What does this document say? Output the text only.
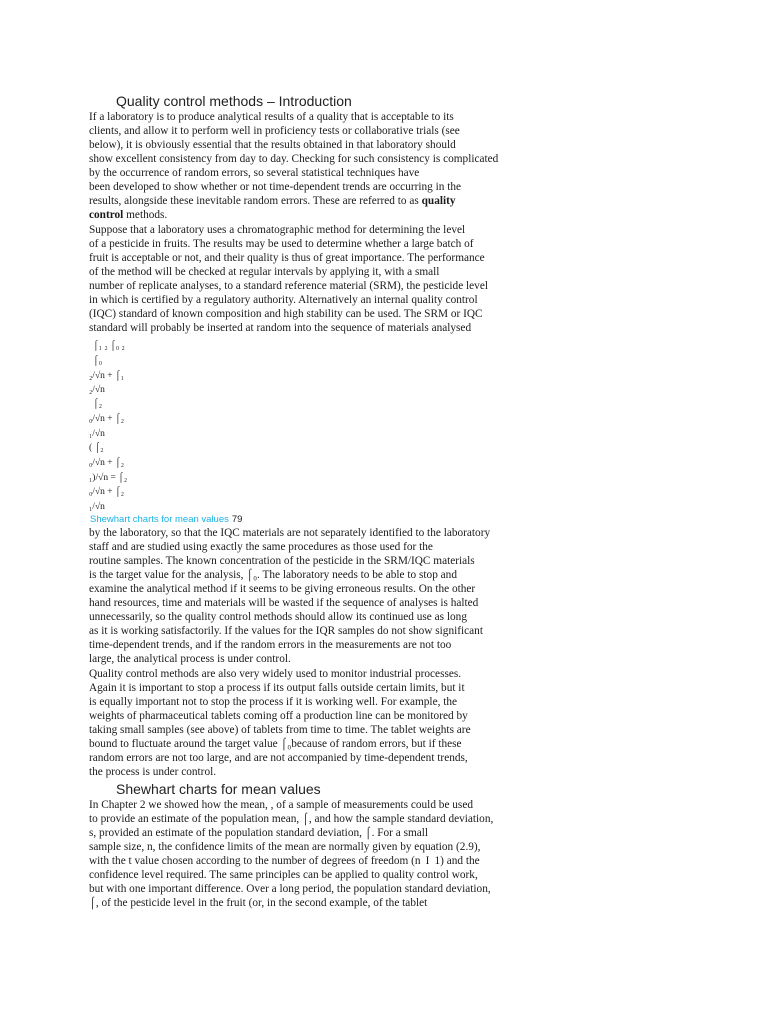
Quality control methods – Introduction
If a laboratory is to produce analytical results of a quality that is acceptable to its
clients, and allow it to perform well in proficiency tests or collaborative trials (see
below), it is obviously essential that the results obtained in that laboratory should
show excellent consistency from day to day. Checking for such consistency is complicated
by the occurrence of random errors, so several statistical techniques have
been developed to show whether or not time-dependent trends are occurring in the
results, alongside these inevitable random errors. These are referred to as quality
control methods.
Suppose that a laboratory uses a chromatographic method for determining the level
of a pesticide in fruits. The results may be used to determine whether a large batch of
fruit is acceptable or not, and their quality is thus of great importance. The performance
of the method will be checked at regular intervals by applying it, with a small
number of replicate analyses, to a standard reference material (SRM), the pesticide level
in which is certified by a regulatory authority. Alternatively an internal quality control
(IQC) standard of known composition and high stability can be used. The SRM or IQC
standard will probably be inserted at random into the sequence of materials analysed
⌠₁ ₂ ⌠₀ ₂
⌠₀
₂/√n + ⌠₁
₂/√n
⌠₂
₀/√n + ⌠₂
₁/√n
( ⌠₂
₀/√n + ⌠₂
₁)/√n = ⌠₂
₀/√n + ⌠₂
₁/√n
Shewhart charts for mean values 79
by the laboratory, so that the IQC materials are not separately identified to the laboratory
staff and are studied using exactly the same procedures as those used for the
routine samples. The known concentration of the pesticide in the SRM/IQC materials
is the target value for the analysis, ⌠₀. The laboratory needs to be able to stop and
examine the analytical method if it seems to be giving erroneous results. On the other
hand resources, time and materials will be wasted if the sequence of analyses is halted
unnecessarily, so the quality control methods should allow its continued use as long
as it is working satisfactorily. If the values for the IQR samples do not show significant
time-dependent trends, and if the random errors in the measurements are not too
large, the analytical process is under control.
Quality control methods are also very widely used to monitor industrial processes.
Again it is important to stop a process if its output falls outside certain limits, but it
is equally important not to stop the process if it is working well. For example, the
weights of pharmaceutical tablets coming off a production line can be monitored by
taking small samples (see above) of tablets from time to time. The tablet weights are
bound to fluctuate around the target value ⌠₀because of random errors, but if these
random errors are not too large, and are not accompanied by time-dependent trends,
the process is under control.
Shewhart charts for mean values
In Chapter 2 we showed how the mean, , of a sample of measurements could be used
to provide an estimate of the population mean, ⌠, and how the sample standard deviation,
s, provided an estimate of the population standard deviation, ⌠. For a small
sample size, n, the confidence limits of the mean are normally given by equation (2.9),
with the t value chosen according to the number of degrees of freedom (n  I  1) and the
confidence level required. The same principles can be applied to quality control work,
but with one important difference. Over a long period, the population standard deviation,
⌠, of the pesticide level in the fruit (or, in the second example, of the tablet
